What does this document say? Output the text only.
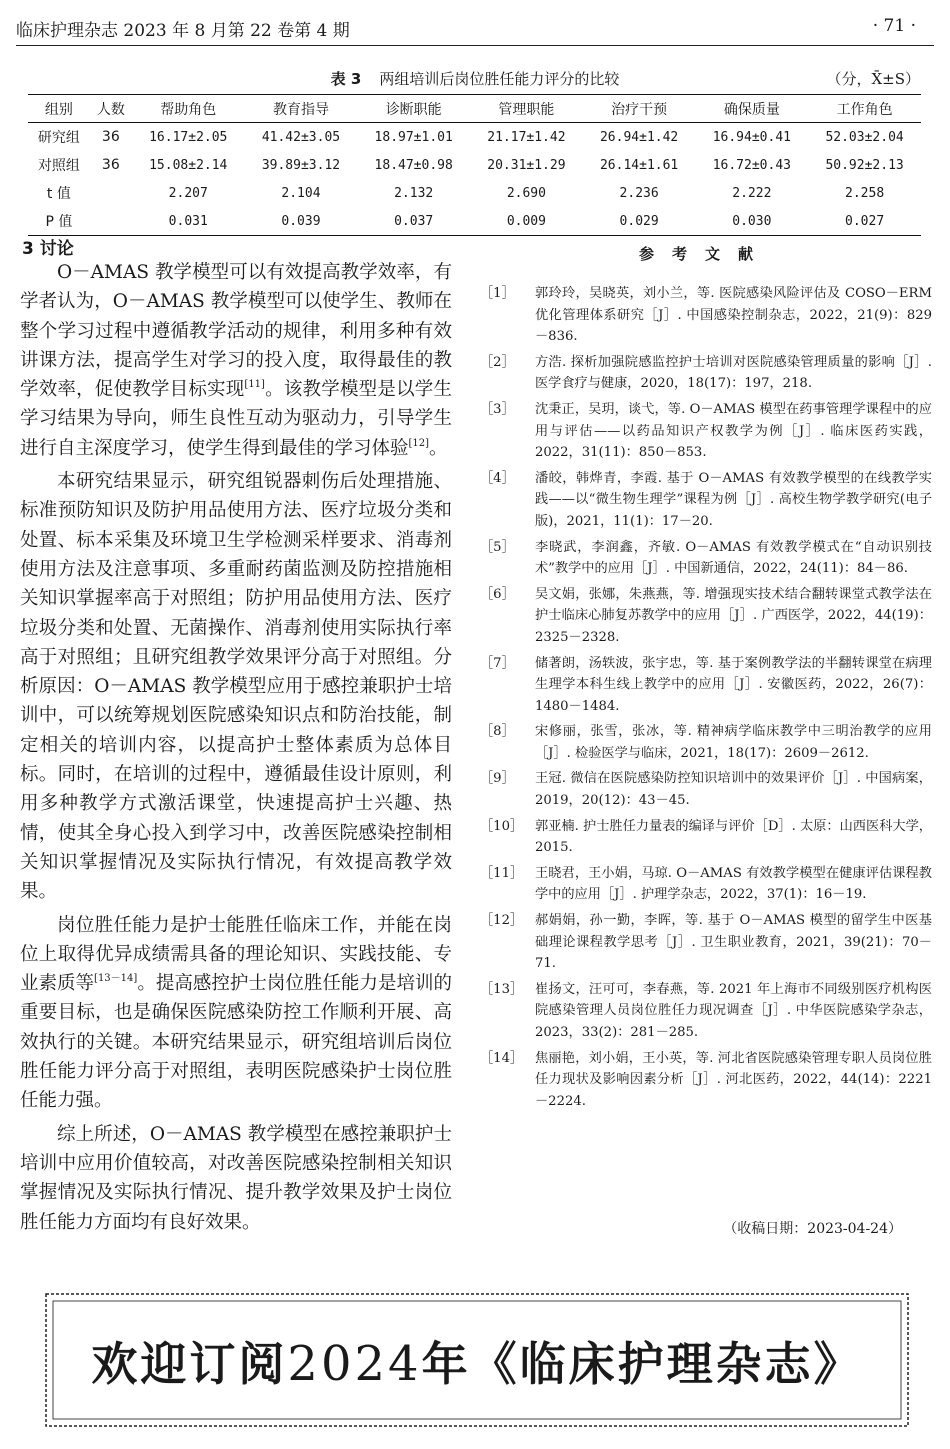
临床护理杂志 2023 年 8 月第 22 卷第 4 期	· 71 ·
表 3 两组培训后岗位胜任能力评分的比较	（分，X̄±S）
组别	人数	帮助角色	教育指导	诊断职能	管理职能	治疗干预	确保质量	工作角色
研究组	36	16.17±2.05	41.42±3.05	18.97±1.01	21.17±1.42	26.94±1.42	16.94±0.41	52.03±2.04
对照组	36	15.08±2.14	39.89±3.12	18.47±0.98	20.31±1.29	26.14±1.61	16.72±0.43	50.92±2.13
t 值		2.207	2.104	2.132	2.690	2.236	2.222	2.258
P 值		0.031	0.039	0.037	0.009	0.029	0.030	0.027
3 讨论

O－AMAS 教学模型可以有效提高教学效率，有学者认为，O－AMAS 教学模型可以使学生、教师在整个学习过程中遵循教学活动的规律，利用多种有效讲课方法，提高学生对学习的投入度，取得最佳的教学效率，促使教学目标实现[11]。该教学模型是以学生学习结果为导向，师生良性互动为驱动力，引导学生进行自主深度学习，使学生得到最佳的学习体验[12]。

本研究结果显示，研究组锐器刺伤后处理措施、标准预防知识及防护用品使用方法、医疗垃圾分类和处置、标本采集及环境卫生学检测采样要求、消毒剂使用方法及注意事项、多重耐药菌监测及防控措施相关知识掌握率高于对照组；防护用品使用方法、医疗垃圾分类和处置、无菌操作、消毒剂使用实际执行率高于对照组；且研究组教学效果评分高于对照组。分析原因：O－AMAS 教学模型应用于感控兼职护士培训中，可以统筹规划医院感染知识点和防治技能，制定相关的培训内容，以提高护士整体素质为总体目标。同时，在培训的过程中，遵循最佳设计原则，利用多种教学方式激活课堂，快速提高护士兴趣、热情，使其全身心投入到学习中，改善医院感染控制相关知识掌握情况及实际执行情况，有效提高教学效果。

岗位胜任能力是护士能胜任临床工作，并能在岗位上取得优异成绩需具备的理论知识、实践技能、专业素质等[13－14]。提高感控护士岗位胜任能力是培训的重要目标，也是确保医院感染防控工作顺利开展、高效执行的关键。本研究结果显示，研究组培训后岗位胜任能力评分高于对照组，表明医院感染护士岗位胜任能力强。

综上所述，O－AMAS 教学模型在感控兼职护士培训中应用价值较高，对改善医院感染控制相关知识掌握情况及实际执行情况、提升教学效果及护士岗位胜任能力方面均有良好效果。

参考文献
［1］ 郭玲玲，吴晓英，刘小兰，等. 医院感染风险评估及 COSO－ERM 优化管理体系研究［J］. 中国感染控制杂志，2022，21(9)：829－836.
［2］ 方浩. 探析加强院感监控护士培训对医院感染管理质量的影响［J］. 医学食疗与健康，2020，18(17)：197，218.
［3］ 沈秉正，吴玥，谈弋，等. O－AMAS 模型在药事管理学课程中的应用与评估——以药品知识产权教学为例［J］. 临床医药实践，2022，31(11)：850－853.
［4］ 潘皎，韩烨青，李霞. 基于 O－AMAS 有效教学模型的在线教学实践——以“微生物生理学”课程为例［J］. 高校生物学教学研究(电子版)，2021，11(1)：17－20.
［5］ 李晓武，李润鑫，齐敏. O－AMAS 有效教学模式在“自动识别技术”教学中的应用［J］. 中国新通信，2022，24(11)：84－86.
［6］ 吴文娟，张娜，朱燕燕，等. 增强现实技术结合翻转课堂式教学法在护士临床心肺复苏教学中的应用［J］. 广西医学，2022，44(19)：2325－2328.
［7］ 储著朗，汤轶波，张宇忠，等. 基于案例教学法的半翻转课堂在病理生理学本科生线上教学中的应用［J］. 安徽医药，2022，26(7)：1480－1484.
［8］ 宋修丽，张雪，张冰，等. 精神病学临床教学中三明治教学的应用［J］. 检验医学与临床，2021，18(17)：2609－2612.
［9］ 王冠. 微信在医院感染防控知识培训中的效果评价［J］. 中国病案，2019，20(12)：43－45.
［10］ 郭亚楠. 护士胜任力量表的编译与评价［D］. 太原：山西医科大学，2015.
［11］ 王晓君，王小娟，马琼. O－AMAS 有效教学模型在健康评估课程教学中的应用［J］. 护理学杂志，2022，37(1)：16－19.
［12］ 郝娟娟，孙一勤，李晖，等. 基于 O－AMAS 模型的留学生中医基础理论课程教学思考［J］. 卫生职业教育，2021，39(21)：70－71.
［13］ 崔扬文，汪可可，李春燕，等. 2021 年上海市不同级别医疗机构医院感染管理人员岗位胜任力现况调查［J］. 中华医院感染学杂志，2023，33(2)：281－285.
［14］ 焦丽艳，刘小娟，王小英，等. 河北省医院感染管理专职人员岗位胜任力现状及影响因素分析［J］. 河北医药，2022，44(14)：2221－2224.
（收稿日期：2023-04-24）
欢迎订阅2024年《临床护理杂志》
